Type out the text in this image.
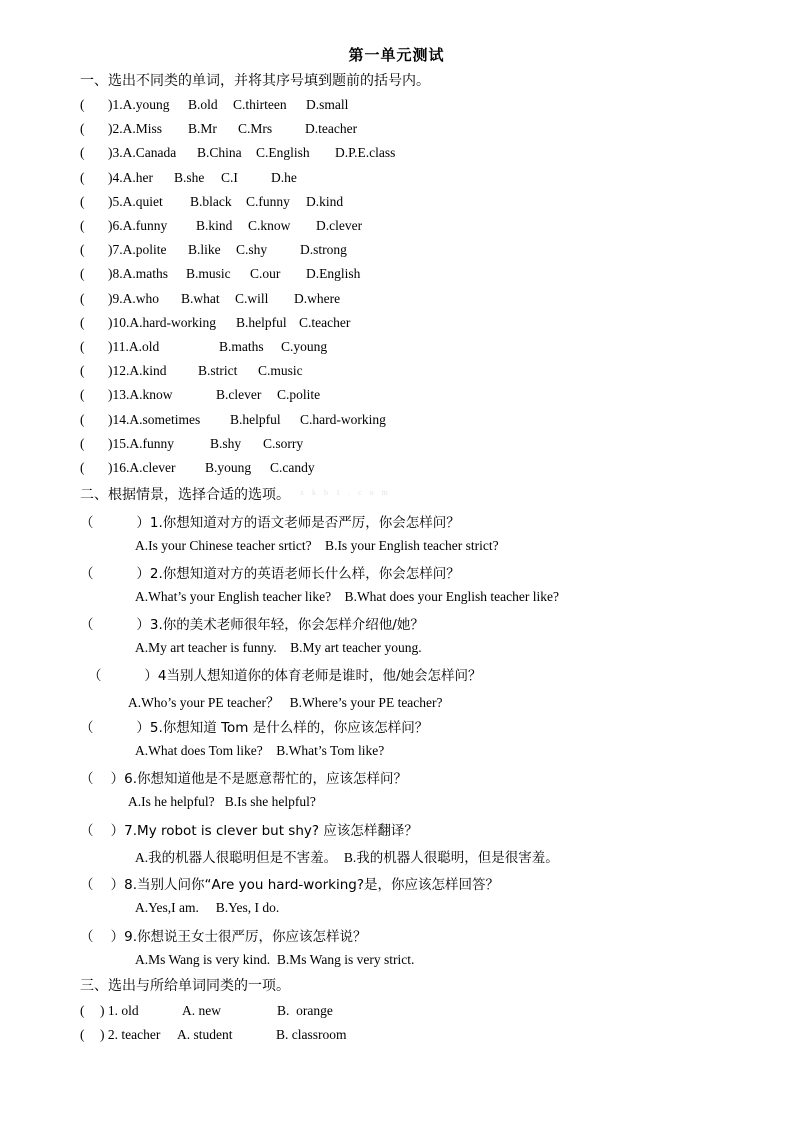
第一单元测试
一、选出不同类的单词，并将其序号填到题前的括号内。
( )1.A.young B.old C.thirteen D.small
( )2.A.Miss B.Mr C.Mrs D.teacher
( )3.A.Canada B.China C.English D.P.E.class
( )4.A.her B.she C.I D.he
( )5.A.quiet B.black C.funny D.kind
( )6.A.funny B.kind C.know D.clever
( )7.A.polite B.like C.shy D.strong
( )8.A.maths B.music C.our D.English
( )9.A.who B.what C.will D.where
( )10.A.hard-working B.helpful C.teacher
( )11.A.old	B.maths C.young
( )12.A.kind B.strict C.music
( )13.A.know	B.clever C.polite
( )14.A.sometimes B.helpful C.hard-working
( )15.A.funny	B.shy C.sorry
( )16.A.clever B.young C.candy
二、根据情景，选择合适的选项。 x k b 1 . c o m
（          ）1.你想知道对方的语文老师是否严厉，你会怎样问？
A.Is your Chinese teacher srtict?    B.Is your English teacher strict?
（          ）2.你想知道对方的英语老师长什么样，你会怎样问？
A.What’s your English teacher like?    B.What does your English teacher like?
（          ）3.你的美术老师很年轻，你会怎样介绍他/她？
A.My art teacher is funny.    B.My art teacher young.
（          ）4当别人想知道你的体育老师是谁时，他/她会怎样问？
A.Who’s your PE teacher？   B.Where’s your PE teacher?
（          ）5.你想知道 Tom 是什么样的，你应该怎样问？
A.What does Tom like?    B.What’s Tom like?
（    ）6.你想知道他是不是愿意帮忙的，应该怎样问？
A.Is he helpful?   B.Is she helpful?
（    ）7.My robot is clever but shy? 应该怎样翻译？
A.我的机器人很聪明但是不害羞。  B.我的机器人很聪明，但是很害羞。
（    ）8.当别人问你“Are you hard-working?是，你应该怎样回答？
A.Yes,I am.     B.Yes, I do.
（    ）9.你想说王女士很严厉，你应该怎样说？
A.Ms Wang is very kind.  B.Ms Wang is very strict.
三、选出与所给单词同类的一项。
( ) 1. old	A. new	B.  orange
( ) 2. teacher A. student	B. classroom
